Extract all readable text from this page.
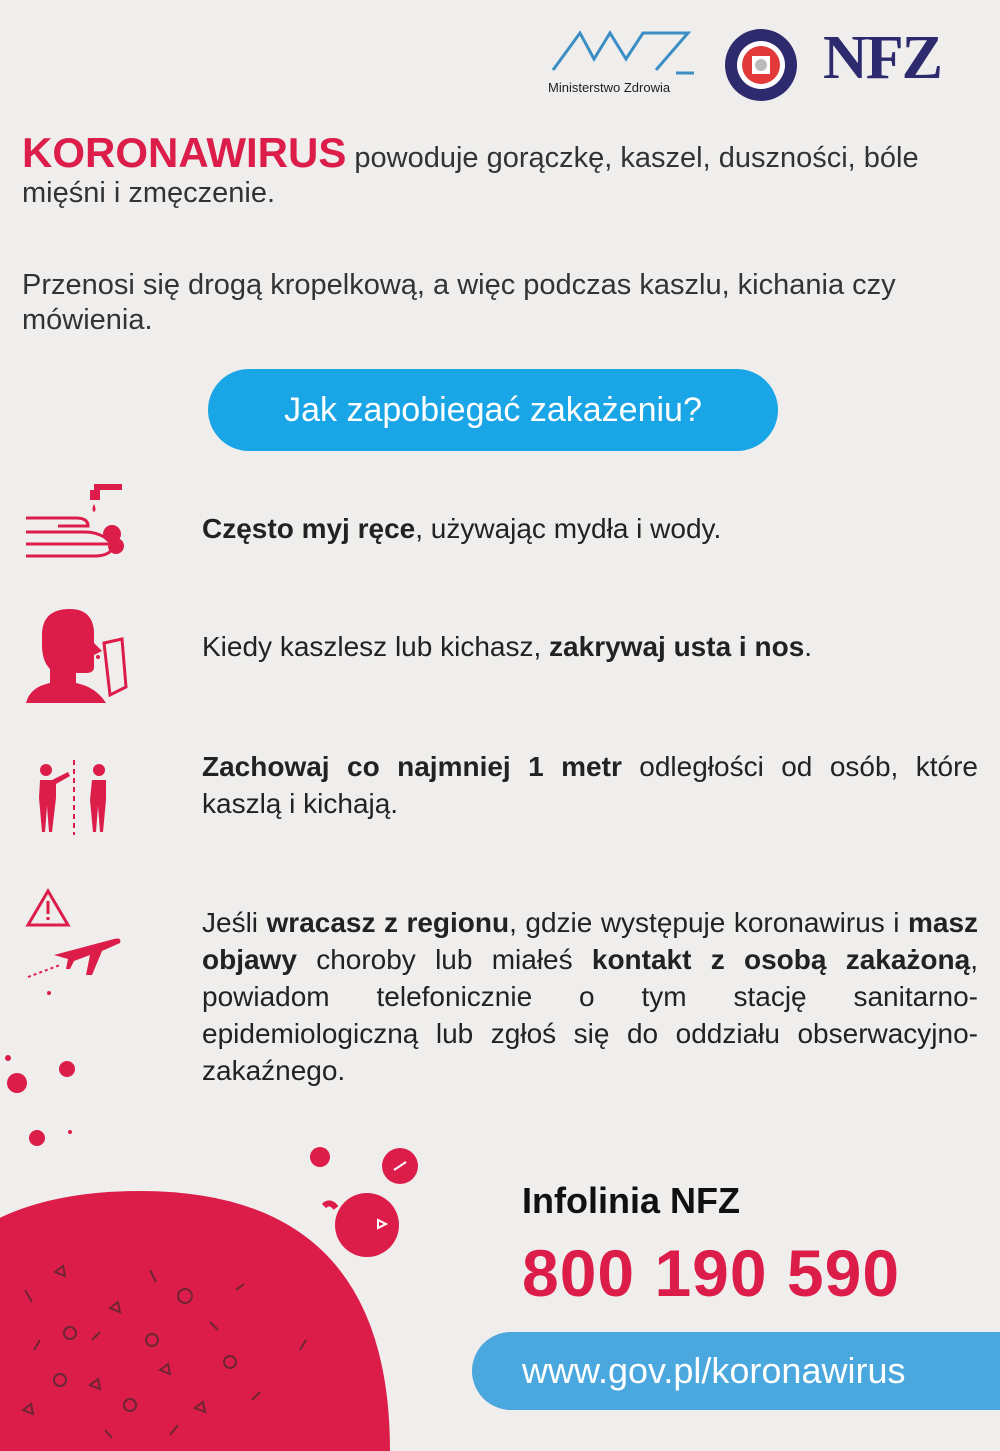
Ministerstwo Zdrowia NFZ
KORONAWIRUS powoduje gorączkę, kaszel, duszności, bóle mięśni i zmęczenie.
Przenosi się drogą kropelkową, a więc podczas kaszlu, kichania czy mówienia.
Jak zapobiegać zakażeniu?
Często myj ręce, używając mydła i wody.
Kiedy kaszlesz lub kichasz, zakrywaj usta i nos.
Zachowaj co najmniej 1 metr odległości od osób, które kaszlą i kichają.
Jeśli wracasz z regionu, gdzie występuje koronawirus i masz objawy choroby lub miałeś kontakt z osobą zakażoną, powiadom telefonicznie o tym stację sanitarno-epidemiologiczną lub zgłoś się do oddziału obserwacyjno-zakaźnego.
Infolinia NFZ
800 190 590
www.gov.pl/koronawirus
